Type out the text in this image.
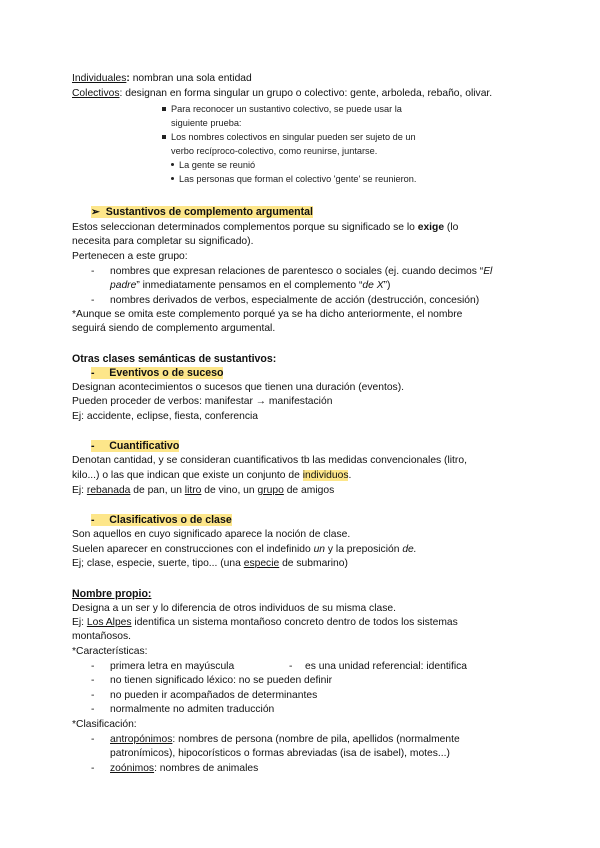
Individuales: nombran una sola entidad
Colectivos: designan en forma singular un grupo o colectivo: gente, arboleda, rebaño, olivar.
Para reconocer un sustantivo colectivo, se puede usar la
siguiente prueba:
Los nombres colectivos en singular pueden ser sujeto de un
verbo recíproco-colectivo, como reunirse, juntarse.
La gente se reunió
Las personas que forman el colectivo 'gente' se reunieron.
➢ Sustantivos de complemento argumental
Estos seleccionan determinados complementos porque su significado se lo exige (lo
necesita para completar su significado).
Pertenecen a este grupo:
- nombres que expresan relaciones de parentesco o sociales (ej. cuando decimos “El
padre” inmediatamente pensamos en el complemento “de X”)
- nombres derivados de verbos, especialmente de acción (destrucción, concesión)
*Aunque se omita este complemento porqué ya se ha dicho anteriormente, el nombre
seguirá siendo de complemento argumental.
Otras clases semánticas de sustantivos:
- Eventivos o de suceso
Designan acontecimientos o sucesos que tienen una duración (eventos).
Pueden proceder de verbos: manifestar → manifestación
Ej: accidente, eclipse, fiesta, conferencia
- Cuantificativo
Denotan cantidad, y se consideran cuantificativos tb las medidas convencionales (litro,
kilo...) o las que indican que existe un conjunto de individuos.
Ej: rebanada de pan, un litro de vino, un grupo de amigos
- Clasificativos o de clase
Son aquellos en cuyo significado aparece la noción de clase.
Suelen aparecer en construcciones con el indefinido un y la preposición de.
Ej; clase, especie, suerte, tipo... (una especie de submarino)
Nombre propio:
Designa a un ser y lo diferencia de otros individuos de su misma clase.
Ej: Los Alpes identifica un sistema montañoso concreto dentro de todos los sistemas
montañosos.
*Características:
- primera letra en mayúscula	- es una unidad referencial: identifica
- no tienen significado léxico: no se pueden definir
- no pueden ir acompañados de determinantes
- normalmente no admiten traducción
*Clasificación:
- antropónimos: nombres de persona (nombre de pila, apellidos (normalmente
patronímicos), hipocorísticos o formas abreviadas (isa de isabel), motes...)
- zoónimos: nombres de animales
